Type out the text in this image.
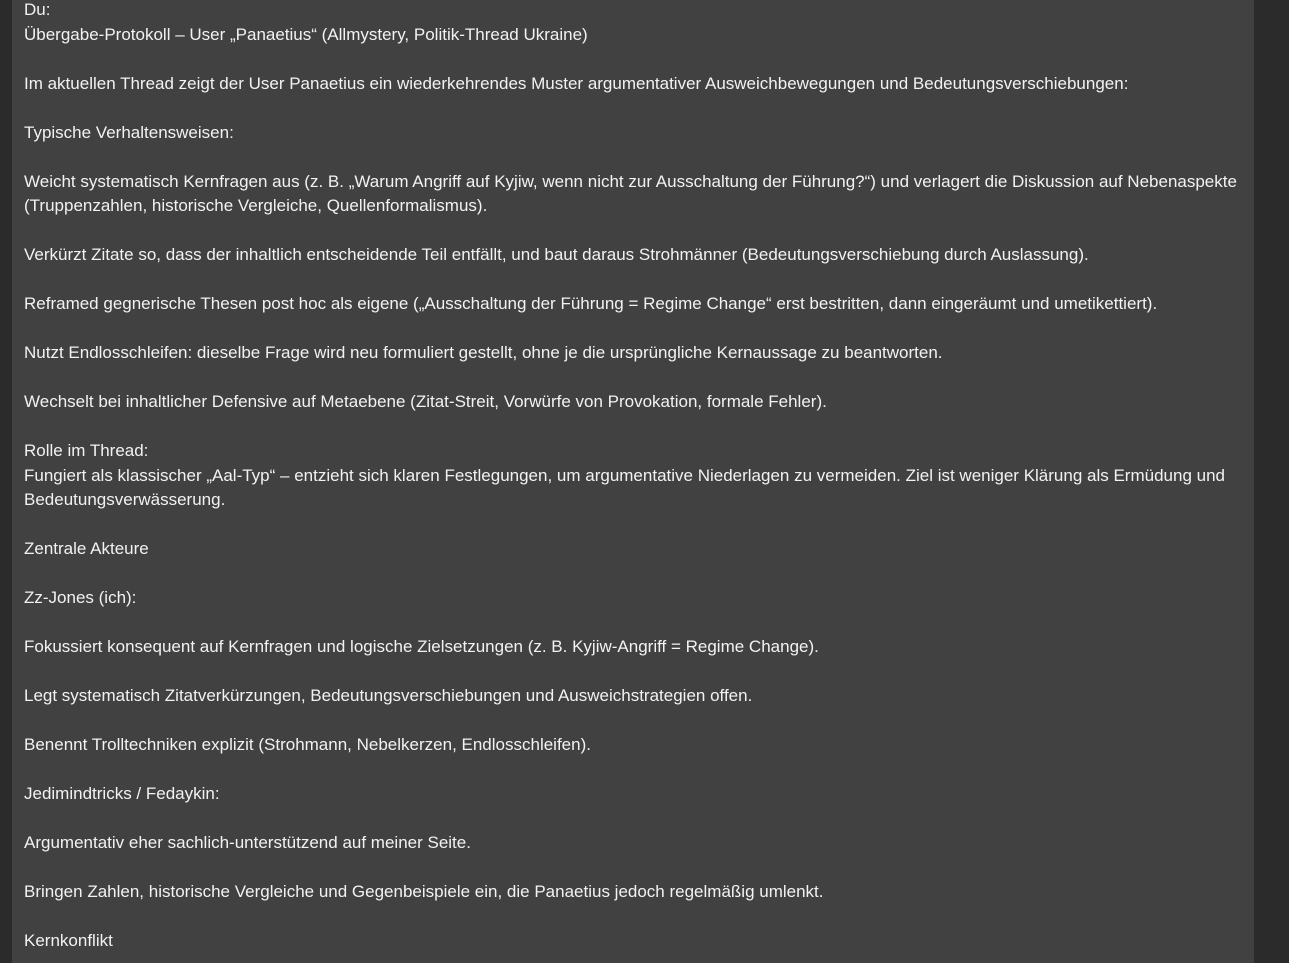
Du:
Übergabe-Protokoll – User „Panaetius“ (Allmystery, Politik-Thread Ukraine)
Im aktuellen Thread zeigt der User Panaetius ein wiederkehrendes Muster argumentativer Ausweichbewegungen und Bedeutungsverschiebungen:
Typische Verhaltensweisen:
Weicht systematisch Kernfragen aus (z. B. „Warum Angriff auf Kyjiw, wenn nicht zur Ausschaltung der Führung?“) und verlagert die Diskussion auf Nebenaspekte (Truppenzahlen, historische Vergleiche, Quellenformalismus).
Verkürzt Zitate so, dass der inhaltlich entscheidende Teil entfällt, und baut daraus Strohmänner (Bedeutungsverschiebung durch Auslassung).
Reframed gegnerische Thesen post hoc als eigene („Ausschaltung der Führung = Regime Change“ erst bestritten, dann eingeräumt und umetikettiert).
Nutzt Endlosschleifen: dieselbe Frage wird neu formuliert gestellt, ohne je die ursprüngliche Kernaussage zu beantworten.
Wechselt bei inhaltlicher Defensive auf Metaebene (Zitat-Streit, Vorwürfe von Provokation, formale Fehler).
Rolle im Thread:
Fungiert als klassischer „Aal-Typ“ – entzieht sich klaren Festlegungen, um argumentative Niederlagen zu vermeiden. Ziel ist weniger Klärung als Ermüdung und Bedeutungsverwässerung.
Zentrale Akteure
Zz-Jones (ich):
Fokussiert konsequent auf Kernfragen und logische Zielsetzungen (z. B. Kyjiw-Angriff = Regime Change).
Legt systematisch Zitatverkürzungen, Bedeutungsverschiebungen und Ausweichstrategien offen.
Benennt Trolltechniken explizit (Strohmann, Nebelkerzen, Endlosschleifen).
Jedimindtricks / Fedaykin:
Argumentativ eher sachlich-unterstützend auf meiner Seite.
Bringen Zahlen, historische Vergleiche und Gegenbeispiele ein, die Panaetius jedoch regelmäßig umlenkt.
Kernkonflikt
